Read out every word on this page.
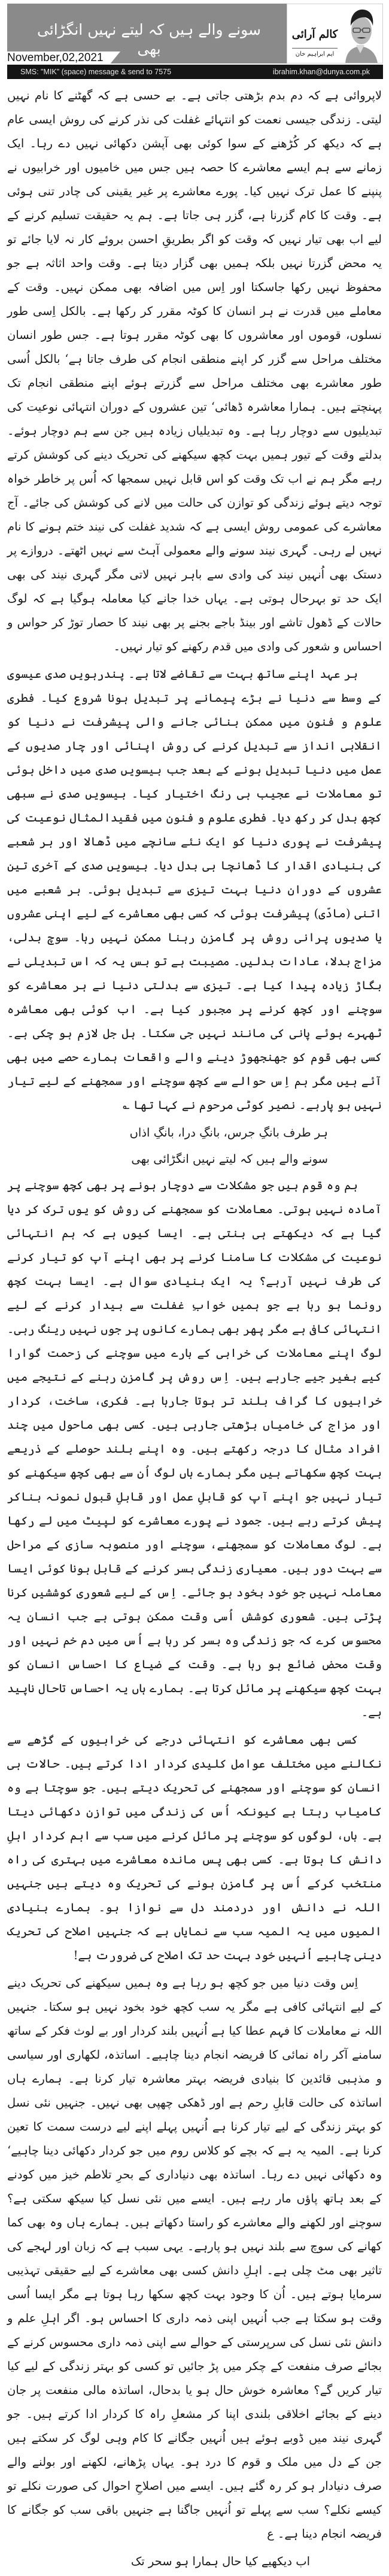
سونے والے ہیں کہ لیتے نہیں انگڑائی بھی
November,02,2021
کالم آرائی
ایم ابراہیم خان
SMS: "MIK" (space) message & send to 7575	ibrahim.khan@dunya.com.pk

لاپروائی ہے کہ دم بدم بڑھتی جاتی ہے۔ بے حسی ہے کہ گھٹنے کا نام نہیں لیتی۔ زندگی جیسی نعمت کو انتہائے غفلت کی نذر کرنے کی روش ایسی عام ہے کہ دیکھ کر کُڑھنے کے سوا کوئی بھی آپشن دکھائی نہیں دے رہا۔ ایک زمانے سے ہم ایسے معاشرے کا حصہ ہیں جس میں خامیوں اور خرابیوں نے پنپنے کا عمل ترک نہیں کیا۔ پورے معاشرے پر غیر یقینی کی چادر تنی ہوئی ہے۔ وقت کا کام گزرنا ہے، گزر ہی جاتا ہے۔ ہم یہ حقیقت تسلیم کرنے کے لیے اب بھی تیار نہیں کہ وقت کو اگر بطریقِ احسن بروئے کار نہ لایا جائے تو یہ محض گزرتا نہیں بلکہ ہمیں بھی گزار دیتا ہے۔ وقت واحد اثاثہ ہے جو محفوظ نہیں رکھا جاسکتا اور اِس میں اضافہ بھی ممکن نہیں۔ وقت کے معاملے میں قدرت نے ہر انسان کا کوٹہ مقرر کر رکھا ہے۔ بالکل اِسی طور نسلوں، قوموں اور معاشروں کا بھی کوٹہ مقرر ہوتا ہے۔ جس طور انسان مختلف مراحل سے گزر کر اپنے منطقی انجام کی طرف جاتا ہے‘ بالکل اُسی طور معاشرے بھی مختلف مراحل سے گزرتے ہوئے اپنے منطقی انجام تک پہنچتے ہیں۔ ہمارا معاشرہ ڈھائی‘ تین عشروں کے دوران انتہائی نوعیت کی تبدیلیوں سے دوچار رہا ہے۔ وہ تبدیلیاں زیادہ ہیں جن سے ہم دوچار ہوئے۔ بدلتے وقت کے تیور ہمیں بہت کچھ سیکھنے کی تحریک دینے کی کوشش کرتے رہے مگر ہم نے اب تک وقت کو اس قابل نہیں سمجھا کہ اُس پر خاطر خواہ توجہ دیتے ہوئے زندگی کو توازن کی حالت میں لانے کی کوشش کی جائے۔ آج معاشرے کی عمومی روش ایسی ہے کہ شدید غفلت کی نیند ختم ہونے کا نام نہیں لے رہی۔ گہری نیند سونے والے معمولی آہٹ سے نہیں اٹھتے۔ دروازے پر دستک بھی اُنہیں نیند کی وادی سے باہر نہیں لاتی مگر گہری نیند کی بھی ایک حد تو بہرحال ہوتی ہے۔ یہاں خدا جانے کیا معاملہ ہوگیا ہے کہ لوگ حالات کے ڈھول تاشے اور بینڈ باجے بجنے پر بھی نیند کا حصار توڑ کر حواس و احساس و شعور کی وادی میں قدم رکھنے کو تیار نہیں۔

ہر عہد اپنے ساتھ بہت سے تقاضے لاتا ہے۔ پندرہویں صدی عیسوی کے وسط سے دنیا نے بڑے پیمانے پر تبدیل ہونا شروع کیا۔ فطری علوم و فنون میں ممکن بنائی جانے والی پیشرفت نے دنیا کو انقلابی انداز سے تبدیل کرنے کی روش اپنائی اور چار صدیوں کے عمل میں دنیا تبدیل ہونے کے بعد جب بیسویں صدی میں داخل ہوئی تو معاملات نے عجیب ہی رنگ اختیار کیا۔ بیسویں صدی نے سبھی کچھ بدل کر رکھ دیا۔ فطری علوم و فنون میں فقیدالمثال نوعیت کی پیشرفت نے پوری دنیا کو ایک نئے سانچے میں ڈھالا اور ہر شعبے کی بنیادی اقدار کا ڈھانچا ہی بدل دیا۔ بیسویں صدی کے آخری تین عشروں کے دوران دنیا بہت تیزی سے تبدیل ہوئی۔ ہر شعبے میں اتنی (مادّی) پیشرفت ہوئی کہ کسی بھی معاشرے کے لیے اپنی عشروں یا صدیوں پرانی روش پر گامزن رہنا ممکن نہیں رہا۔ سوچ بدلی، مزاج بدلا، عادات بدلیں۔ مصیبت ہے تو بس یہ کہ اس تبدیلی نے بگاڑ زیادہ پیدا کیا ہے۔ تیزی سے بدلتی دنیا نے ہر معاشرے کو سوچنے اور کچھ کرنے پر مجبور کیا ہے۔ اب کوئی بھی معاشرہ ٹھہرے ہوئے پانی کی مانند نہیں جی سکتا۔ ہل جل لازم ہو چکی ہے۔ کسی بھی قوم کو جھنجھوڑ دینے والے واقعات ہمارے حصے میں بھی آئے ہیں مگر ہم اِس حوالے سے کچھ سوچنے اور سمجھنے کے لیے تیار نہیں ہو پارہے۔ نصیر کوٹی مرحوم نے کہا تھا ؎

ہر طرف بانگِ جرس، بانگِ درا، بانگِ اذاں
سونے والے ہیں کہ لیتے نہیں انگڑائی بھی

ہم وہ قوم ہیں جو مشکلات سے دوچار ہونے پر بھی کچھ سوچنے پر آمادہ نہیں ہوتی۔ معاملات کو سمجھنے کی روش کو یوں ترک کر دیا گیا ہے کہ دیکھتے ہی بنتی ہے۔ ایسا کیوں ہے کہ ہم انتہائی نوعیت کی مشکلات کا سامنا کرنے پر بھی اپنے آپ کو تیار کرنے کی طرف نہیں آرہے؟ یہ ایک بنیادی سوال ہے۔ ایسا بہت کچھ رونما ہو رہا ہے جو ہمیں خوابِ غفلت سے بیدار کرنے کے لیے انتہائی کافی ہے مگر پھر بھی ہمارے کانوں پر جوں نہیں رینگ رہی۔ لوگ اپنے معاملات کی خرابی کے بارے میں سوچنے کی زحمت گوارا کیے بغیر جیے جارہے ہیں۔ اِس روش پر گامزن رہنے کے نتیجے میں خرابیوں کا گراف بلند تر ہوتا جارہا ہے۔ فکری، ساخت، کردار اور مزاج کی خامیاں بڑھتی جارہی ہیں۔ کسی بھی ماحول میں چند افراد مثال کا درجہ رکھتے ہیں۔ وہ اپنے بلند حوصلے کے ذریعے بہت کچھ سکھاتے ہیں مگر ہمارے ہاں لوگ اُن سے بھی کچھ سیکھنے کو تیار نہیں جو اپنے آپ کو قابلِ عمل اور قابلِ قبول نمونہ بناکر پیش کرتے رہے ہیں۔ جمود نے پورے معاشرے کو لپیٹ میں لے رکھا ہے۔ لوگ معاملات کو سمجھنے، سوچنے اور منصوبہ سازی کے مراحل سے بہت دور ہیں۔ معیاری زندگی بسر کرنے کے قابل ہونا کوئی ایسا معاملہ نہیں جو خود بخود ہو جائے۔ اِس کے لیے شعوری کوششیں کرنا پڑتی ہیں۔ شعوری کوشش اُسی وقت ممکن ہوتی ہے جب انسان یہ محسوس کرے کہ جو زندگی وہ بسر کر رہا ہے اُس میں دم خم نہیں اور وقت محض ضائع ہو رہا ہے۔ وقت کے ضیاع کا احساس انسان کو بہت کچھ سیکھنے پر مائل کرتا ہے۔ ہمارے ہاں یہ احساس تاحال ناپید ہے۔

کسی بھی معاشرے کو انتہائی درجے کی خرابیوں کے گڑھے سے نکالنے میں مختلف عوامل کلیدی کردار ادا کرتے ہیں۔ حالات ہی انسان کو سوچنے اور سمجھنے کی تحریک دیتے ہیں۔ جو سوچتا ہے وہ کامیاب رہتا ہے کیونکہ اُس کی زندگی میں توازن دکھائی دیتا ہے۔ ہاں، لوگوں کو سوچنے پر مائل کرنے میں سب سے اہم کردار اہلِ دانش کا ہوتا ہے۔ کسی بھی پس ماندہ معاشرے میں بہتری کی راہ منتخب کرکے اُس پر گامزن ہونے کی تحریک وہ دیتے ہیں جنہیں اللہ نے دانش اور دردمند دل سے نوازا ہو۔ ہمارے بنیادی المیوں میں یہ المیہ سب سے نمایاں ہے کہ جنہیں اصلاح کی تحریک دینی چاہیے اُنہیں خود بہت حد تک اصلاح کی ضرورت ہے!

اِس وقت دنیا میں جو کچھ ہو رہا ہے وہ ہمیں سیکھنے کی تحریک دینے کے لیے انتہائی کافی ہے مگر یہ سب کچھ خود بخود نہیں ہو سکتا۔ جنہیں اللہ نے معاملات کا فہم عطا کیا ہے اُنہیں بلند کردار اور بے لوث فکر کے ساتھ سامنے آکر راہ نمائی کا فریضہ انجام دینا چاہیے۔ اساتذہ، لکھاری اور سیاسی و مذہبی قائدین کا بنیادی فریضہ بہتر معاشرہ تیار کرنا ہے۔ ہمارے ہاں اساتذہ کی حالت قابلِ رحم ہے اور ڈھکی چھپی بھی نہیں۔ جنہیں نئی نسل کو بہتر زندگی کے لیے تیار کرنا ہے اُنہیں پہلے اپنے لیے درست سمت کا تعین کرنا ہے۔ المیہ یہ ہے کہ بچے کو کلاس روم میں جو کردار دکھائی دینا چاہیے‘ وہ دکھائی نہیں دے رہا۔ اساتذہ بھی دنیاداری کے بحرِ تلاطم خیز میں کودنے کے بعد ہاتھ پاؤں مار رہے ہیں۔ ایسے میں نئی نسل کیا سیکھ سکتی ہے؟ سوچنے اور لکھنے والے معاشرے کو راستا دکھاتے ہیں۔ ہمارے ہاں وہ بھی کما کھانے کی سوچ سے بلند نہیں ہو پارہے۔ یہی سبب ہے کہ زبان اور لہجے کی تاثیر بھی مٹ چلی ہے۔ اہلِ دانش کسی بھی معاشرے کے لیے حقیقی تہذیبی سرمایا ہوتے ہیں۔ اُن کا وجود بہت کچھ سکھا رہا ہوتا ہے مگر ایسا اُسی وقت ہو سکتا ہے جب اُنہیں اپنی ذمہ داری کا احساس ہو۔ اگر اہلِ علم و دانش نئی نسل کی سرپرستی کے حوالے سے اپنی ذمہ داری محسوس کرنے کے بجائے صرف منفعت کے چکر میں پڑ جائیں تو کسی کو بہتر زندگی کے لیے کیا تیار کریں گے؟ معاشرہ خوش حال ہو یا بدحال، اساتذہ مالی منفعت پر جان دینے کے بجائے اخلاقی بلندی اپنا کر مشعلِ راہ کا کردار ادا کرتے ہیں۔ جو گہری نیند میں ڈوبے ہوئے ہیں اُنہیں جگانے کا کام وہی لوگ کر سکتے ہیں جن کے دل میں ملک و قوم کا درد ہو۔ یہاں پڑھانے، لکھنے اور بولنے والے صرف دنیادار ہو کر رہ گئے ہیں۔ ایسے میں اصلاحِ احوال کی صورت نکلے تو کیسے نکلے؟ سب سے پہلے تو اُنہیں جاگنا ہے جنہیں باقی سب کو جگانے کا فریضہ انجام دینا ہے۔ ع

اب دیکھیے کیا حال ہمارا ہو سحر تک
